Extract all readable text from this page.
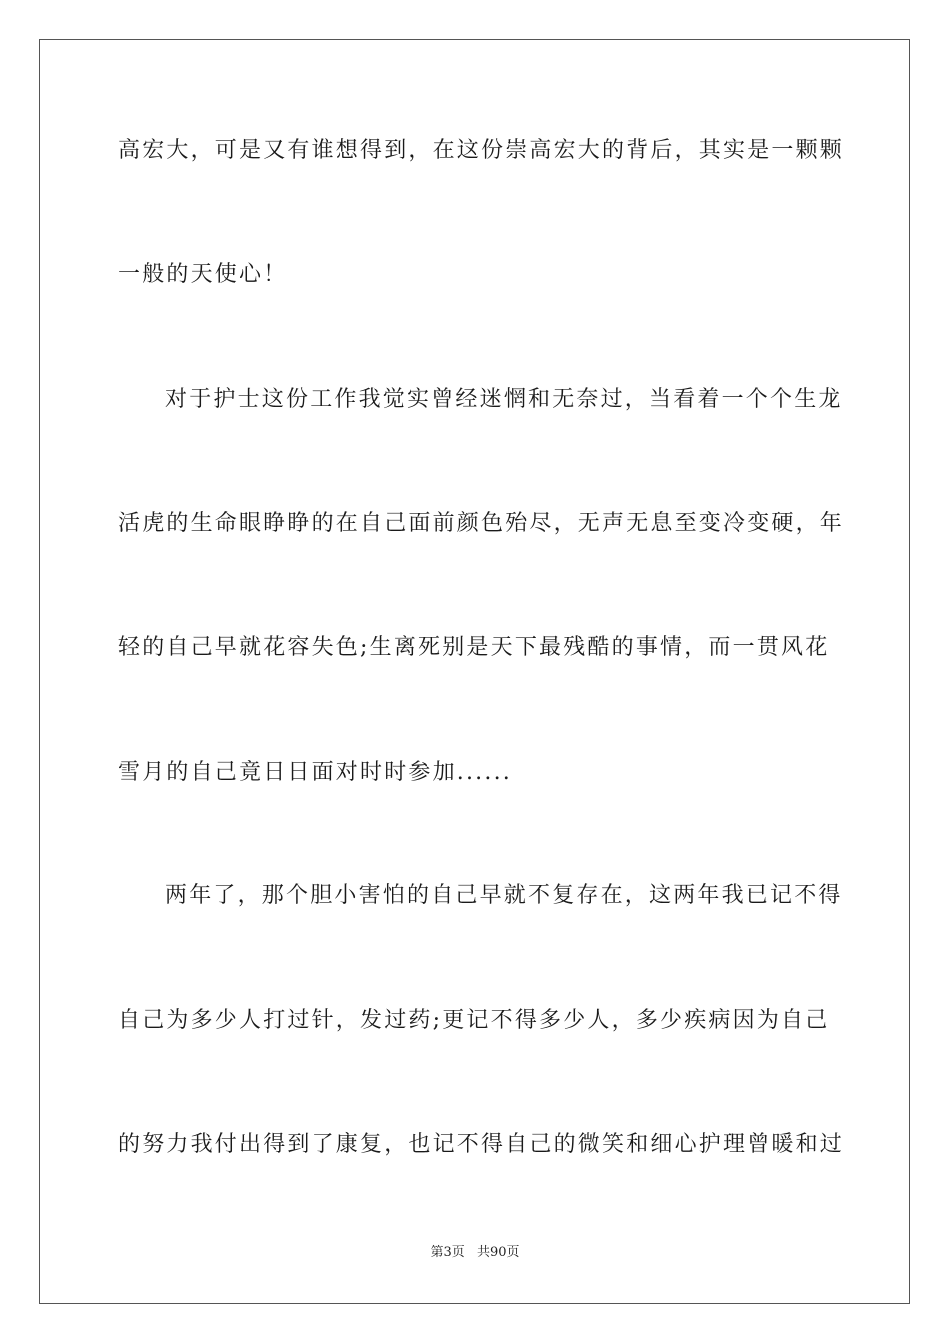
高宏大，可是又有谁想得到，在这份崇高宏大的背后，其实是一颗颗
一般的天使心！
对于护士这份工作我觉实曾经迷惘和无奈过，当看着一个个生龙
活虎的生命眼睁睁的在自己面前颜色殆尽，无声无息至变冷变硬，年
轻的自己早就花容失色;生离死别是天下最残酷的事情，而一贯风花
雪月的自己竟日日面对时时参加......
两年了，那个胆小害怕的自己早就不复存在，这两年我已记不得
自己为多少人打过针，发过药;更记不得多少人，多少疾病因为自己
的努力我付出得到了康复，也记不得自己的微笑和细心护理曾暖和过
第3页 共90页
